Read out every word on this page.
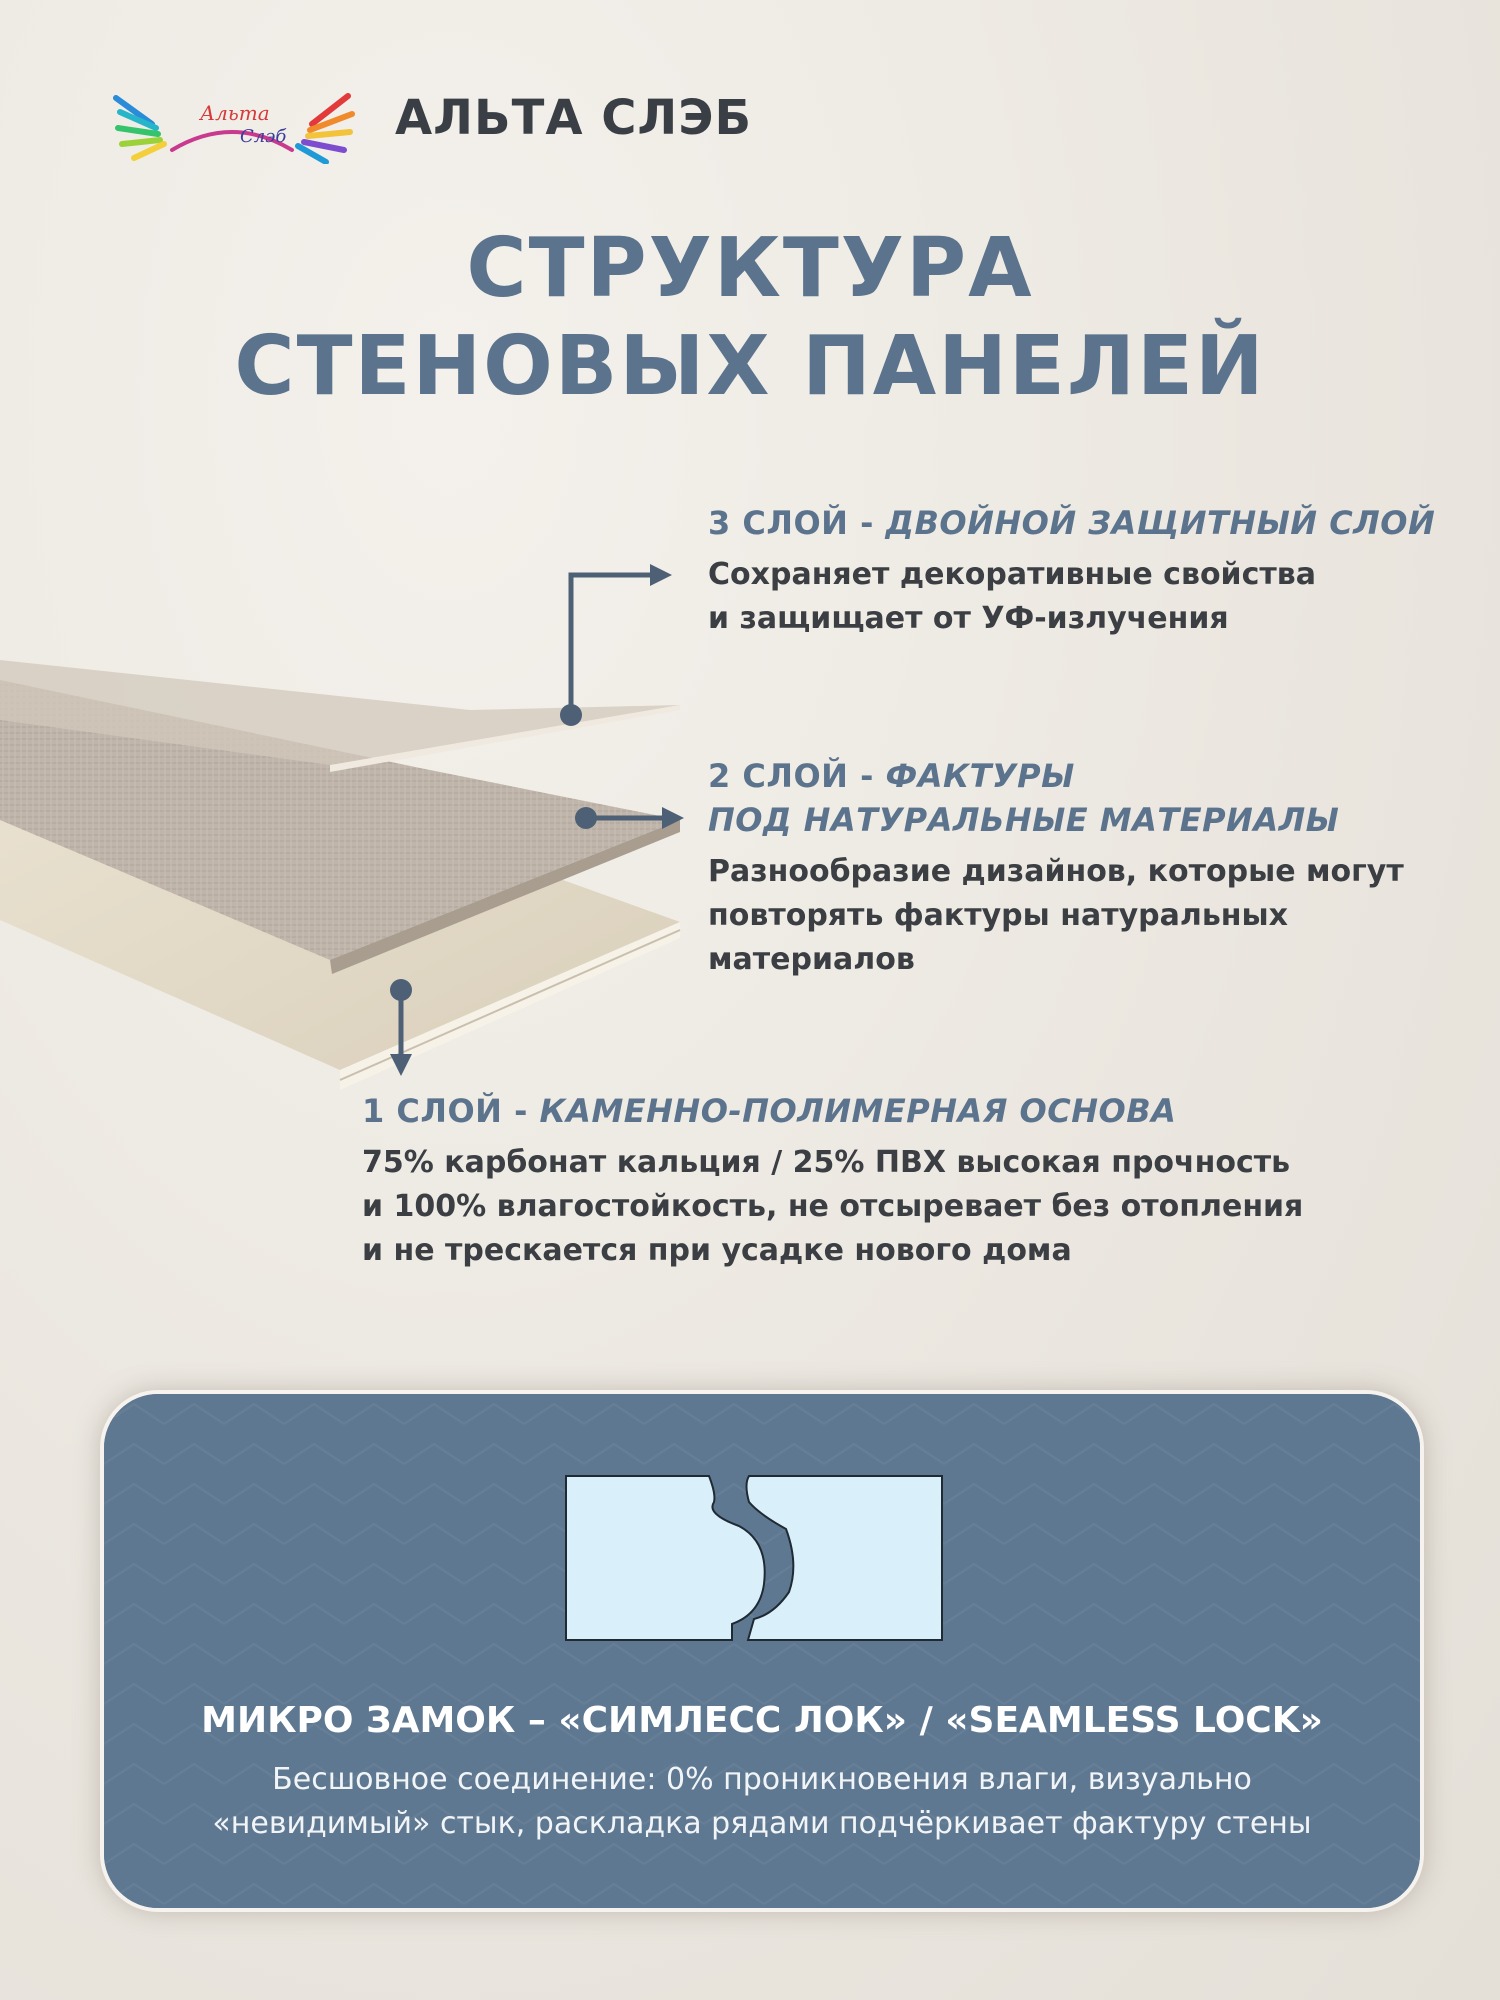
Альта
Слэб АЛЬТА СЛЭБ
СТРУКТУРА
СТЕНОВЫХ ПАНЕЛЕЙ
3 СЛОЙ - ДВОЙНОЙ ЗАЩИТНЫЙ СЛОЙ
Сохраняет декоративные свойства
и защищает от УФ-излучения
2 СЛОЙ - ФАКТУРЫ
ПОД НАТУРАЛЬНЫЕ МАТЕРИАЛЫ
Разнообразие дизайнов, которые могут
повторять фактуры натуральных
материалов
1 СЛОЙ - КАМЕННО-ПОЛИМЕРНАЯ ОСНОВА
75% карбонат кальция / 25% ПВХ высокая прочность
и 100% влагостойкость, не отсыревает без отопления
и не трескается при усадке нового дома
МИКРО ЗАМОК – «СИМЛЕСС ЛОК» / «SEAMLESS LOCK»
Бесшовное соединение: 0% проникновения влаги, визуально
«невидимый» стык, раскладка рядами подчёркивает фактуру стены
